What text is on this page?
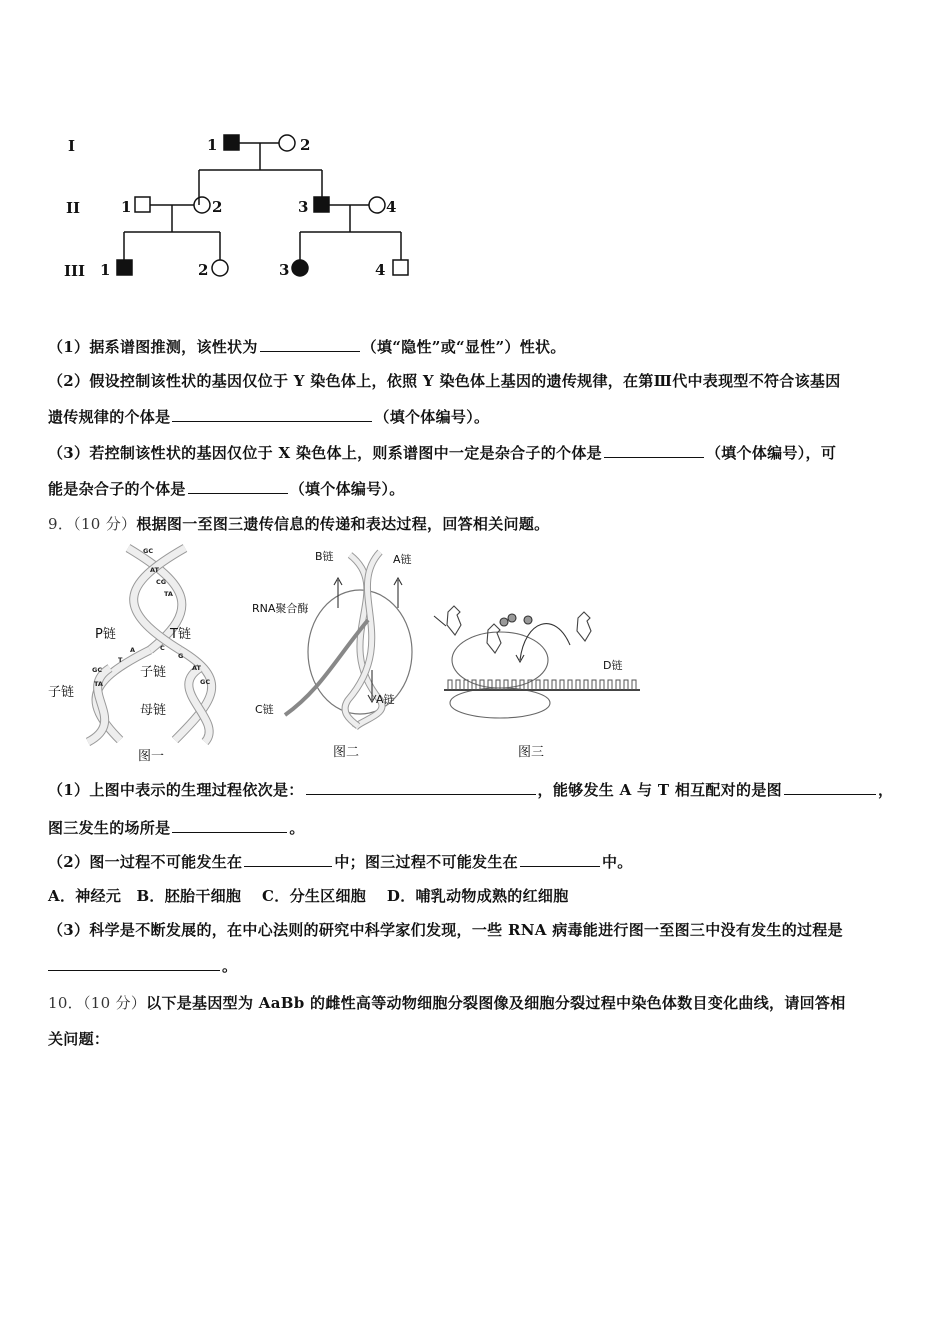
I
II
III
1	2
1	2	3	4
1	2	3	4
GC
AT
CG
TA
GC
TA
AT
GC
A
T
C
G
P链	T链
子链
子链
母链
图一
B链	A链
RNA聚合酶
C链
A链
图二
D链
图三
（1）据系谱图推测，该性状为	（填“隐性”或“显性”）性状。
（2）假设控制该性状的基因仅位于 Y 染色体上，依照 Y 染色体上基因的遗传规律，在第Ⅲ代中表现型不符合该基因
遗传规律的个体是	（填个体编号）。
（3）若控制该性状的基因仅位于 X 染色体上，则系谱图中一定是杂合子的个体是	（填个体编号），可
能是杂合子的个体是	（填个体编号）。
9．（10 分）根据图一至图三遗传信息的传递和表达过程，回答相关问题。
（1）上图中表示的生理过程依次是：	，能够发生 A 与 T 相互配对的是图	，
图三发生的场所是	。
（2）图一过程不可能发生在	中；图三过程不可能发生在	中。
A．神经元　B．胚胎干细胞　 C．分生区细胞　 D．哺乳动物成熟的红细胞
（3）科学是不断发展的，在中心法则的研究中科学家们发现，一些 RNA 病毒能进行图一至图三中没有发生的过程是
。
10．（10 分）以下是基因型为 AaBb 的雌性高等动物细胞分裂图像及细胞分裂过程中染色体数目变化曲线，请回答相
关问题：
